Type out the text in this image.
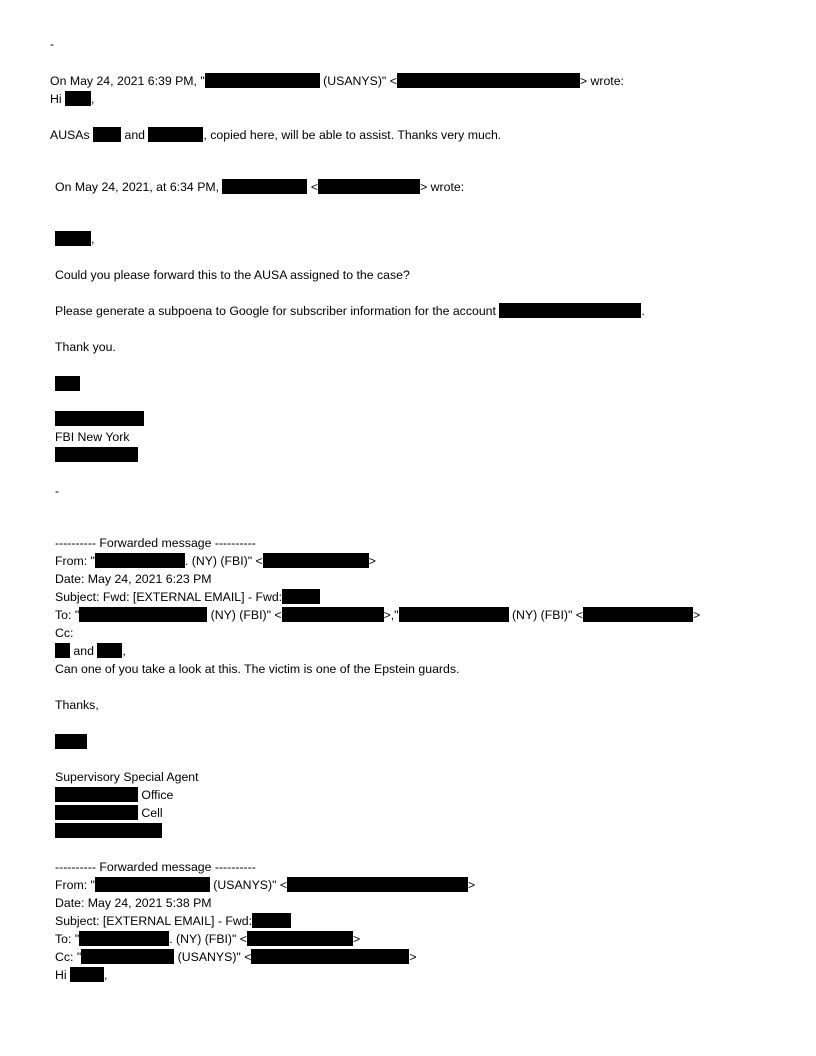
-
On May 24, 2021 6:39 PM, "	(USANYS)" <	> wrote:
Hi ,
AUSAs  and	, copied here, will be able to assist. Thanks very much.
On May 24, 2021, at 6:34 PM,	<	> wrote:
,
Could you please forward this to the AUSA assigned to the case?
Please generate a subpoena to Google for subscriber information for the account	.
Thank you.
FBI New York
-
---------- Forwarded message ----------
From: "	. (NY) (FBI)" <	>
Date: May 24, 2021 6:23 PM
Subject: Fwd: [EXTERNAL EMAIL] - Fwd:
To: "	(NY) (FBI)" <	>,"	(NY) (FBI)" <	>
Cc:
and ,
Can one of you take a look at this. The victim is one of the Epstein guards.
Thanks,
Supervisory Special Agent
Office
Cell
---------- Forwarded message ----------
From: "	(USANYS)" <	>
Date: May 24, 2021 5:38 PM
Subject: [EXTERNAL EMAIL] - Fwd:
To: "	. (NY) (FBI)" <	>
Cc: "	(USANYS)" <	>
Hi	,
